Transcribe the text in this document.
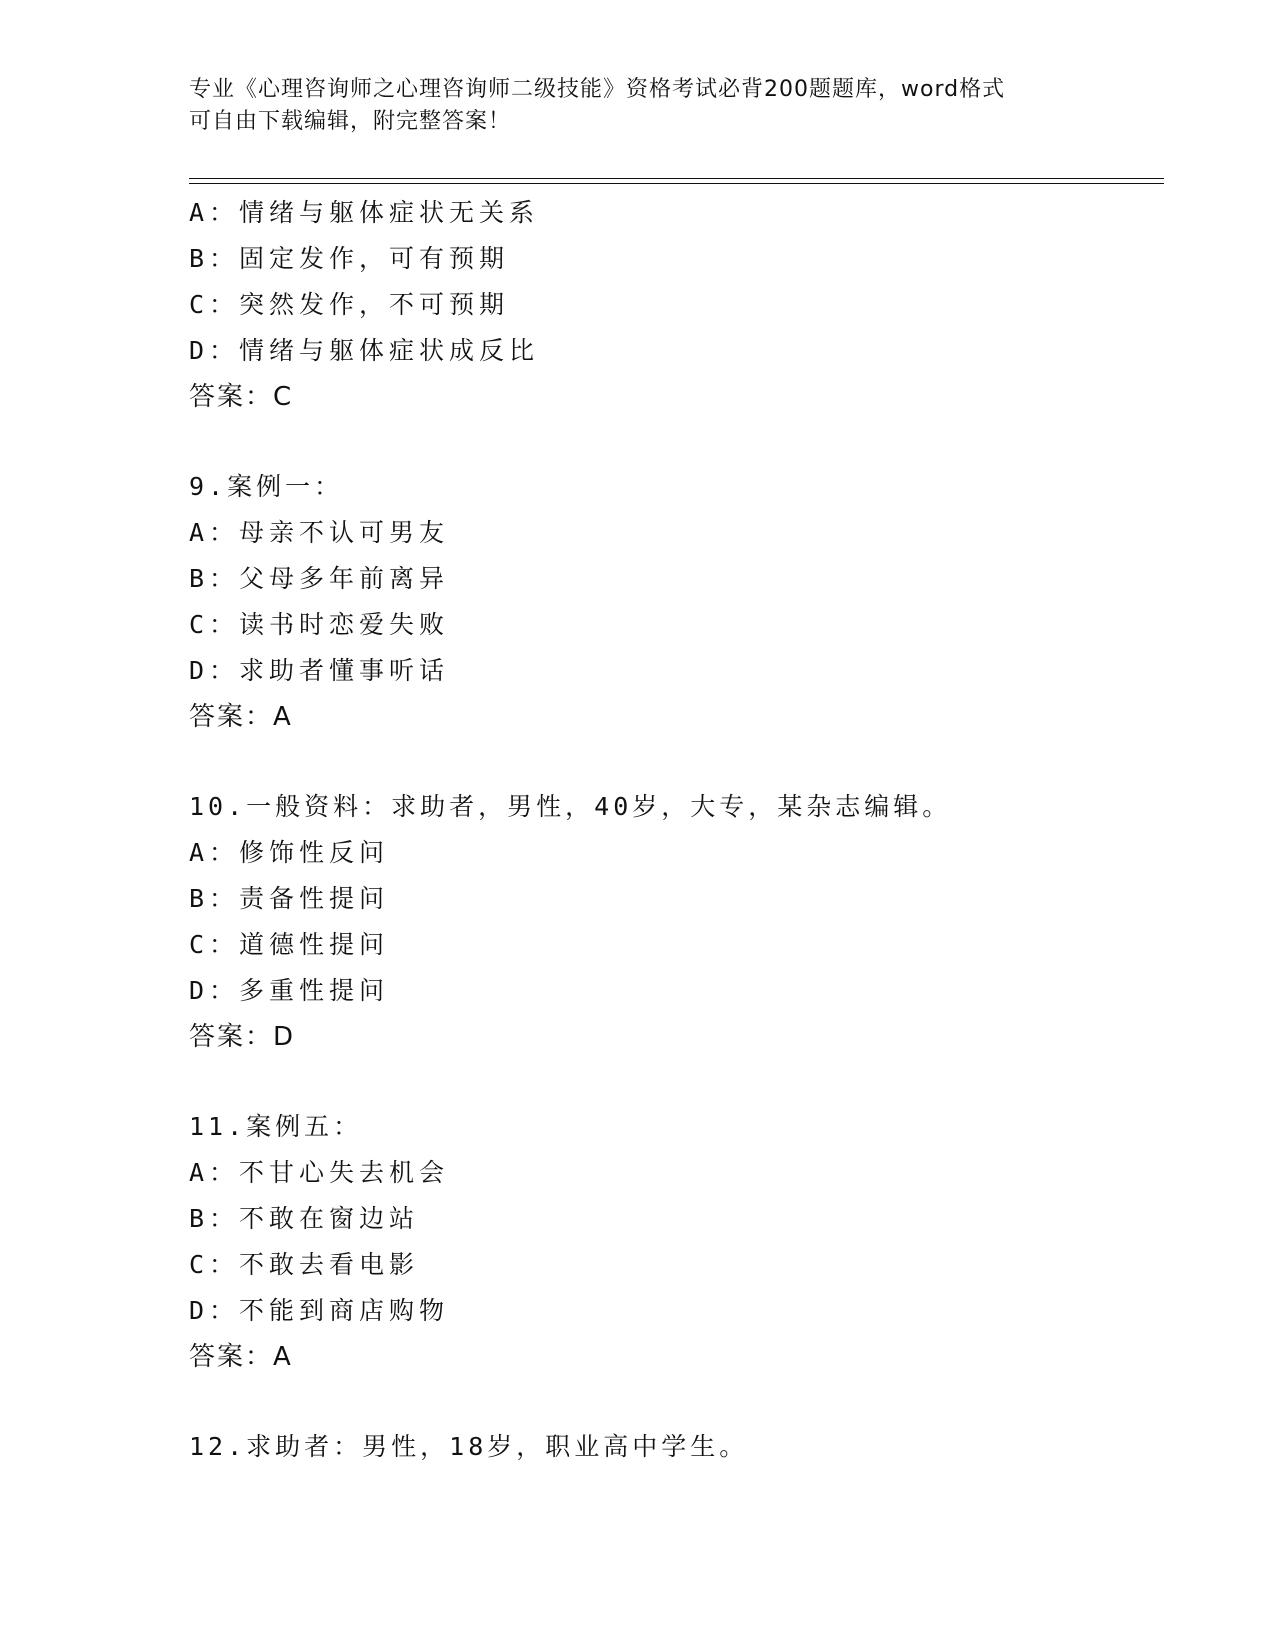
专业《心理咨询师之心理咨询师二级技能》资格考试必背200题题库，word格式
可自由下载编辑，附完整答案！
A：情绪与躯体症状无关系
B：固定发作，可有预期
C：突然发作，不可预期
D：情绪与躯体症状成反比
答案：C
9.案例一：
A：母亲不认可男友
B：父母多年前离异
C：读书时恋爱失败
D：求助者懂事听话
答案：A
10.一般资料：求助者，男性，40岁，大专，某杂志编辑。
A：修饰性反问
B：责备性提问
C：道德性提问
D：多重性提问
答案：D
11.案例五：
A：不甘心失去机会
B：不敢在窗边站
C：不敢去看电影
D：不能到商店购物
答案：A
12.求助者：男性，18岁，职业高中学生。
